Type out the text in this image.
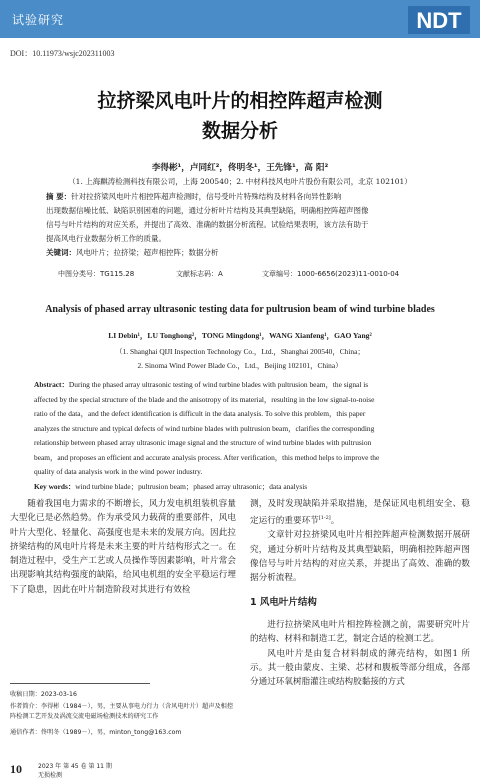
试验研究	NDT
DOI：10.11973/wsjc202311003
拉挤梁风电叶片的相控阵超声检测
数据分析
李得彬¹，卢同红²，佟明冬¹，王先锋¹，高 阳²
（1. 上海麒涛检测科技有限公司，上海 200540；2. 中材科技风电叶片股份有限公司，北京 102101）
摘 要：针对拉挤梁风电叶片相控阵超声检测时，信号受叶片特殊结构及材料各向异性影响
出现数据信噪比低、缺陷识别困难的问题，通过分析叶片结构及其典型缺陷，明确相控阵超声图像
信号与叶片结构的对应关系，并提出了高效、准确的数据分析流程。试验结果表明，该方法有助于
提高风电行业数据分析工作的质量。
关键词：风电叶片；拉挤梁；超声相控阵；数据分析
中图分类号：TG115.28	文献标志码：A	文章编号：1000-6656(2023)11-0010-04
Analysis of phased array ultrasonic testing data for pultrusion beam of wind turbine blades
LI Debin¹，LU Tonghong²，TONG Mingdong¹，WANG Xianfeng¹，GAO Yang²
（1. Shanghai QIJI Inspection Technology Co.，Ltd.，Shanghai 200540，China；
2. Sinoma Wind Power Blade Co.，Ltd.，Beijing 102101，China）
Abstract：During the phased array ultrasonic testing of wind turbine blades with pultrusion beam，the signal is
affected by the special structure of the blade and the anisotropy of its material，resulting in the low signal-to-noise
ratio of the data，and the defect identification is difficult in the data analysis. To solve this problem，this paper
analyzes the structure and typical defects of wind turbine blades with pultrusion beam，clarifies the corresponding
relationship between phased array ultrasonic image signal and the structure of wind turbine blades with pultrusion
beam，and proposes an efficient and accurate analysis process. After verification，this method helps to improve the
quality of data analysis work in the wind power industry.
Key words：wind turbine blade；pultrusion beam；phased array ultrasonic；data analysis

随着我国电力需求的不断增长，风力发电机组装机容量大型化已是必然趋势。作为承受风力载荷的重要部件，风电叶片大型化、轻量化、高强度也是未来的发展方向。因此拉挤梁结构的风电叶片将是未来主要的叶片结构形式之一。在制造过程中，受生产工艺或人员操作等因素影响，叶片常会出现影响其结构强度的缺陷，给风电机组的安全平稳运行埋下了隐患，因此在叶片制造阶段对其进行有效检

测，及时发现缺陷并采取措施，是保证风电机组安全、稳定运行的重要环节[1-2]。

文章针对拉挤梁风电叶片相控阵超声检测数据开展研究，通过分析叶片结构及其典型缺陷，明确相控阵超声图像信号与叶片结构的对应关系，并提出了高效、准确的数据分析流程。

1 风电叶片结构

进行拉挤梁风电叶片相控阵检测之前，需要研究叶片的结构、材料和制造工艺，制定合适的检测工艺。

风电叶片是由复合材料制成的薄壳结构，如图1 所示。其一般由蒙皮、主梁、芯材和腹板等部分组成，各部分通过环氧树脂灌注或结构胶黏接的方式

收稿日期：2023-03-16
作者简介：李得彬（1984－），男，主要从事电力行力（含风电叶片）超声及相控阵检测工艺开发及涡流交流电磁场检测技术的研究工作
通信作者：佟明冬（1989－），男，minton_tong@163.com
10	2023 年 第 45 卷 第 11 期
无损检测
